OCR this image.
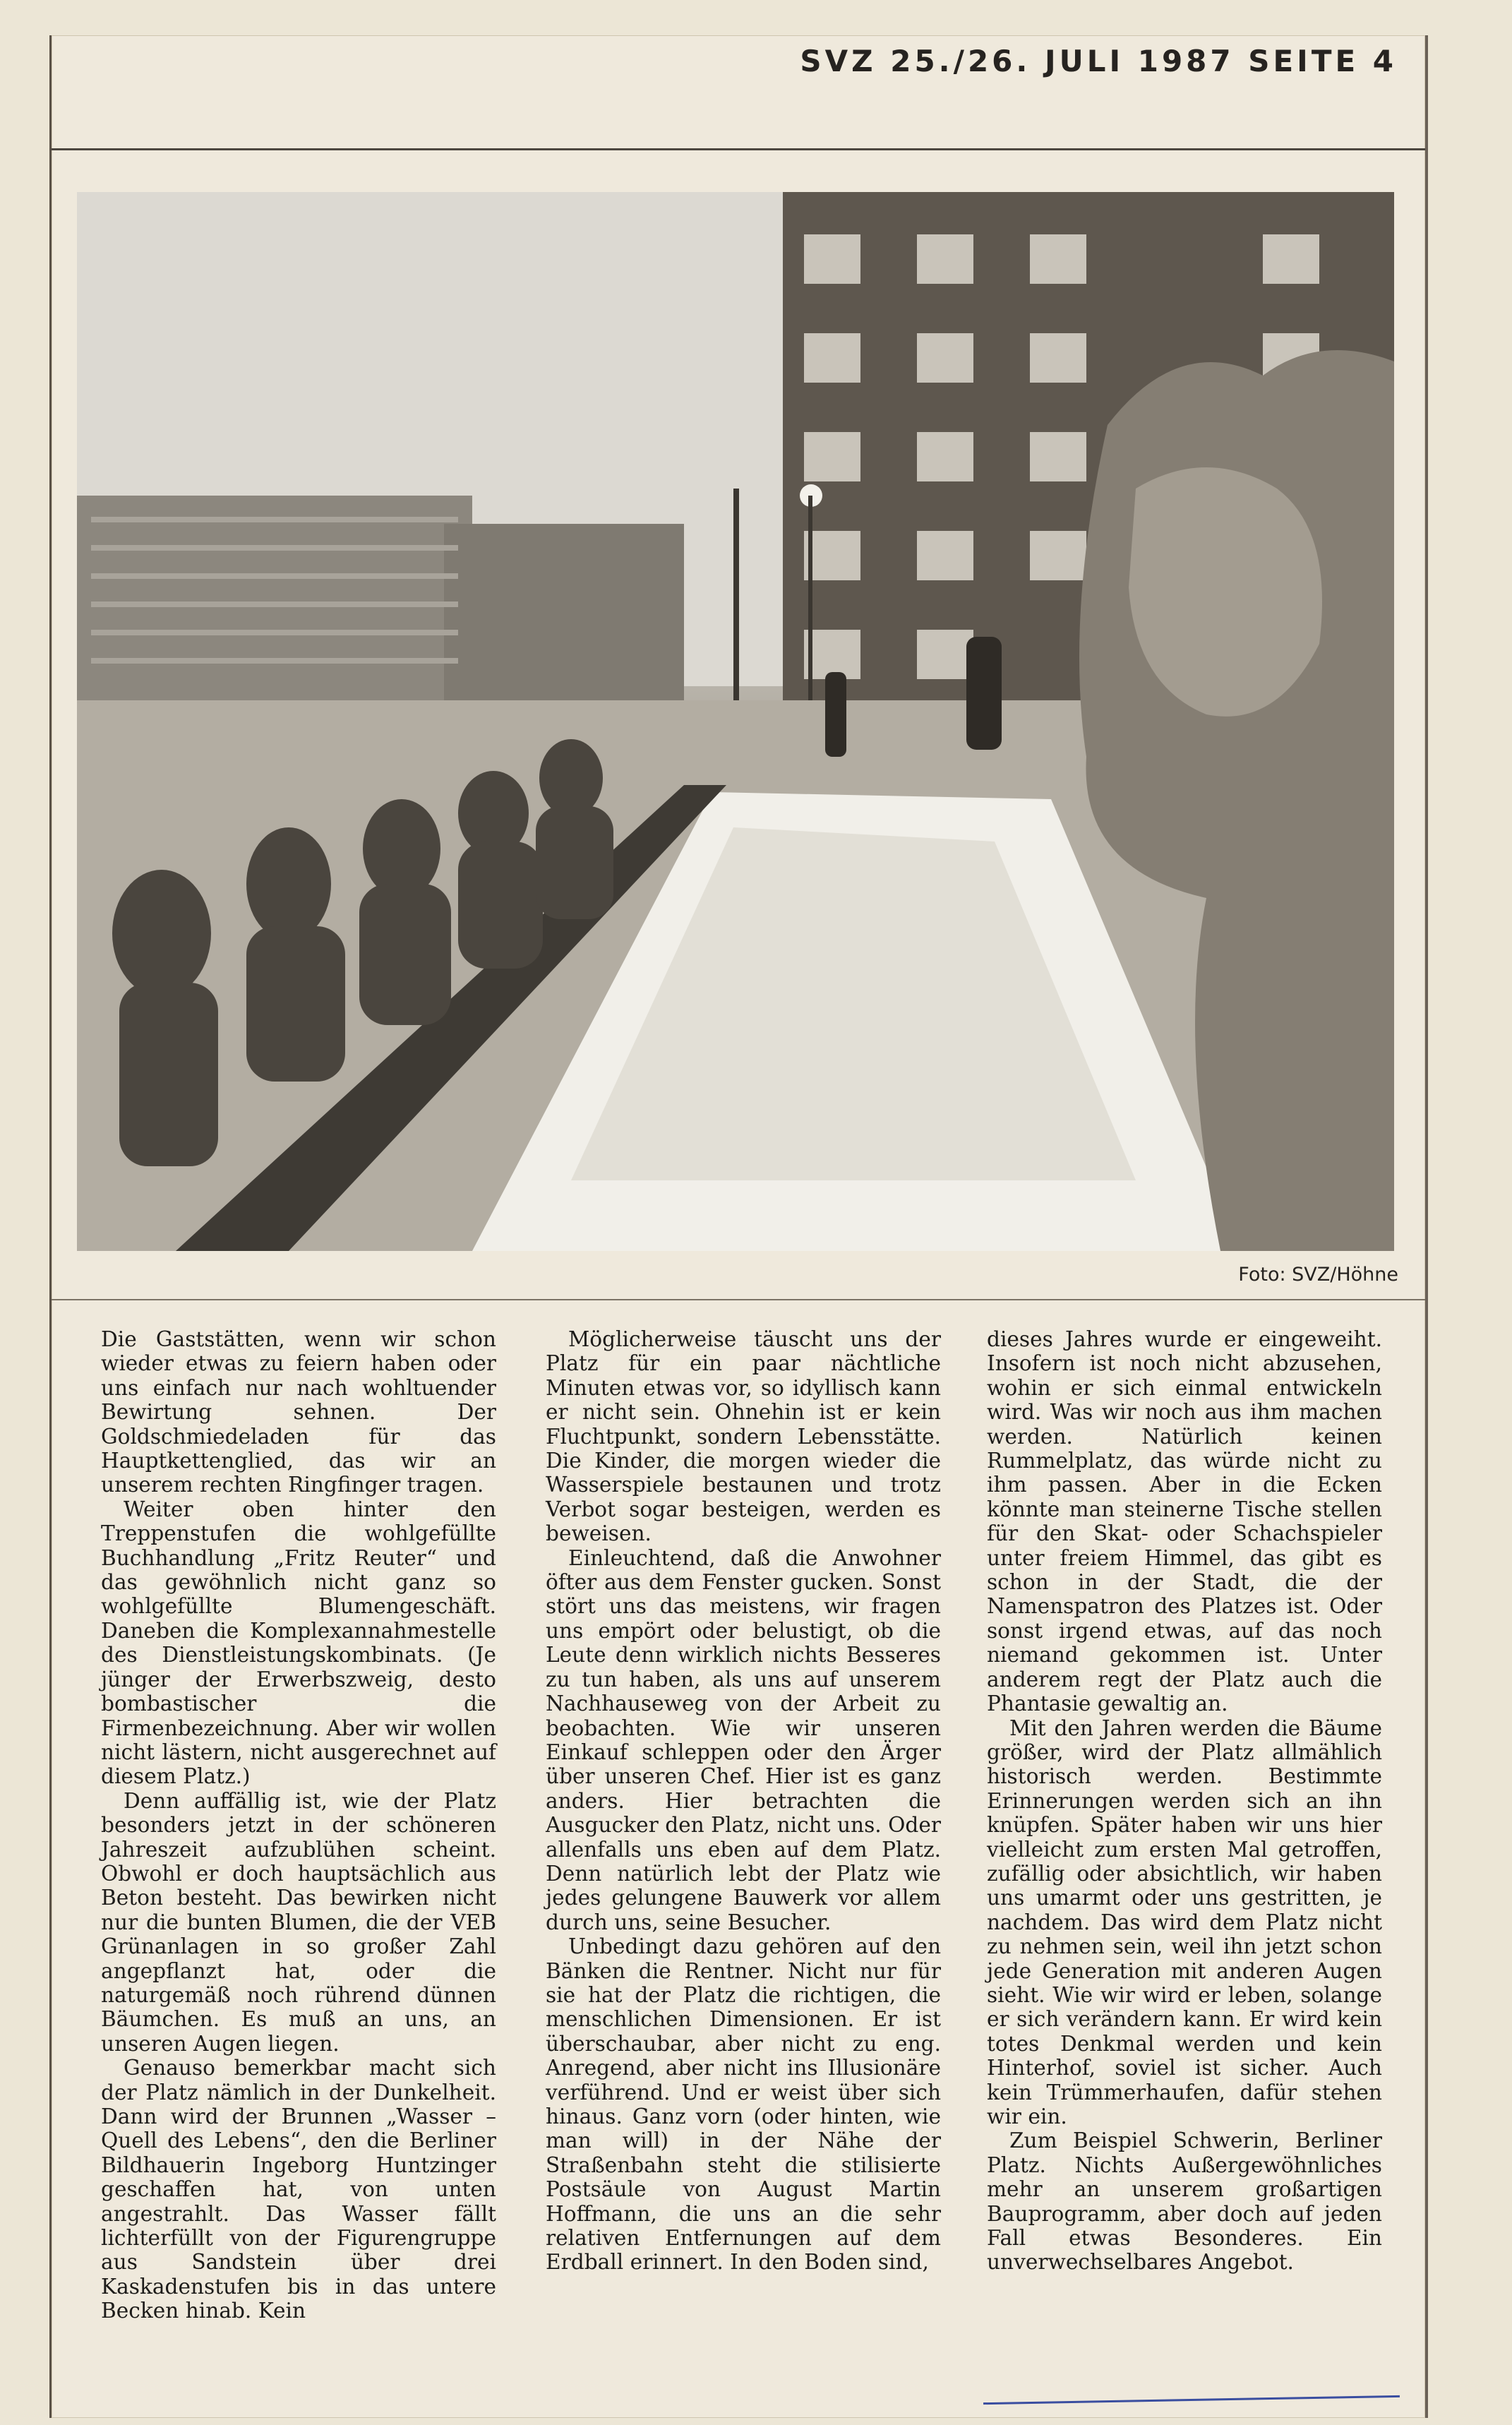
SVZ 25./26. JULI 1987 SEITE 4
Foto: SVZ/Höhne

Die Gaststätten, wenn wir schon wieder etwas zu feiern haben oder uns einfach nur nach wohltuender Bewirtung sehnen. Der Goldschmiedeladen für das Hauptkettenglied, das wir an unserem rechten Ringfinger tragen.

Weiter oben hinter den Treppenstufen die wohlgefüllte Buchhandlung „Fritz Reuter“ und das gewöhnlich nicht ganz so wohlgefüllte Blumengeschäft. Daneben die Komplexannahmestelle des Dienstleistungskombinats. (Je jünger der Erwerbszweig, desto bombastischer die Firmenbezeichnung. Aber wir wollen nicht lästern, nicht ausgerechnet auf diesem Platz.)

Denn auffällig ist, wie der Platz besonders jetzt in der schöneren Jahreszeit aufzublühen scheint. Obwohl er doch hauptsächlich aus Beton besteht. Das bewirken nicht nur die bunten Blumen, die der VEB Grünanlagen in so großer Zahl angepflanzt hat, oder die naturgemäß noch rührend dünnen Bäumchen. Es muß an uns, an unseren Augen liegen.

Genauso bemerkbar macht sich der Platz nämlich in der Dunkelheit. Dann wird der Brunnen „Wasser – Quell des Lebens“, den die Berliner Bildhauerin Ingeborg Huntzinger geschaffen hat, von unten angestrahlt. Das Wasser fällt lichterfüllt von der Figurengruppe aus Sandstein über drei Kaskadenstufen bis in das untere Becken hinab. Kein

Möglicherweise täuscht uns der Platz für ein paar nächtliche Minuten etwas vor, so idyllisch kann er nicht sein. Ohnehin ist er kein Fluchtpunkt, sondern Lebensstätte. Die Kinder, die morgen wieder die Wasserspiele bestaunen und trotz Verbot sogar besteigen, werden es beweisen.

Einleuchtend, daß die Anwohner öfter aus dem Fenster gucken. Sonst stört uns das meistens, wir fragen uns empört oder belustigt, ob die Leute denn wirklich nichts Besseres zu tun haben, als uns auf unserem Nachhauseweg von der Arbeit zu beobachten. Wie wir unseren Einkauf schleppen oder den Ärger über unseren Chef. Hier ist es ganz anders. Hier betrachten die Ausgucker den Platz, nicht uns. Oder allenfalls uns eben auf dem Platz. Denn natürlich lebt der Platz wie jedes gelungene Bauwerk vor allem durch uns, seine Besucher.

Unbedingt dazu gehören auf den Bänken die Rentner. Nicht nur für sie hat der Platz die richtigen, die menschlichen Dimensionen. Er ist überschaubar, aber nicht zu eng. Anregend, aber nicht ins Illusionäre verführend. Und er weist über sich hinaus. Ganz vorn (oder hinten, wie man will) in der Nähe der Straßenbahn steht die stilisierte Postsäule von August Martin Hoffmann, die uns an die sehr relativen Entfernungen auf dem Erdball erinnert. In den Boden sind,

dieses Jahres wurde er eingeweiht. Insofern ist noch nicht abzusehen, wohin er sich einmal entwickeln wird. Was wir noch aus ihm machen werden. Natürlich keinen Rummelplatz, das würde nicht zu ihm passen. Aber in die Ecken könnte man steinerne Tische stellen für den Skat- oder Schachspieler unter freiem Himmel, das gibt es schon in der Stadt, die der Namenspatron des Platzes ist. Oder sonst irgend etwas, auf das noch niemand gekommen ist. Unter anderem regt der Platz auch die Phantasie gewaltig an.

Mit den Jahren werden die Bäume größer, wird der Platz allmählich historisch werden. Bestimmte Erinnerungen werden sich an ihn knüpfen. Später haben wir uns hier vielleicht zum ersten Mal getroffen, zufällig oder absichtlich, wir haben uns umarmt oder uns gestritten, je nachdem. Das wird dem Platz nicht zu nehmen sein, weil ihn jetzt schon jede Generation mit anderen Augen sieht. Wie wir wird er leben, solange er sich verändern kann. Er wird kein totes Denkmal werden und kein Hinterhof, soviel ist sicher. Auch kein Trümmerhaufen, dafür stehen wir ein.

Zum Beispiel Schwerin, Berliner Platz. Nichts Außergewöhnliches mehr an unserem großartigen Bauprogramm, aber doch auf jeden Fall etwas Besonderes. Ein unverwechselbares Angebot.
